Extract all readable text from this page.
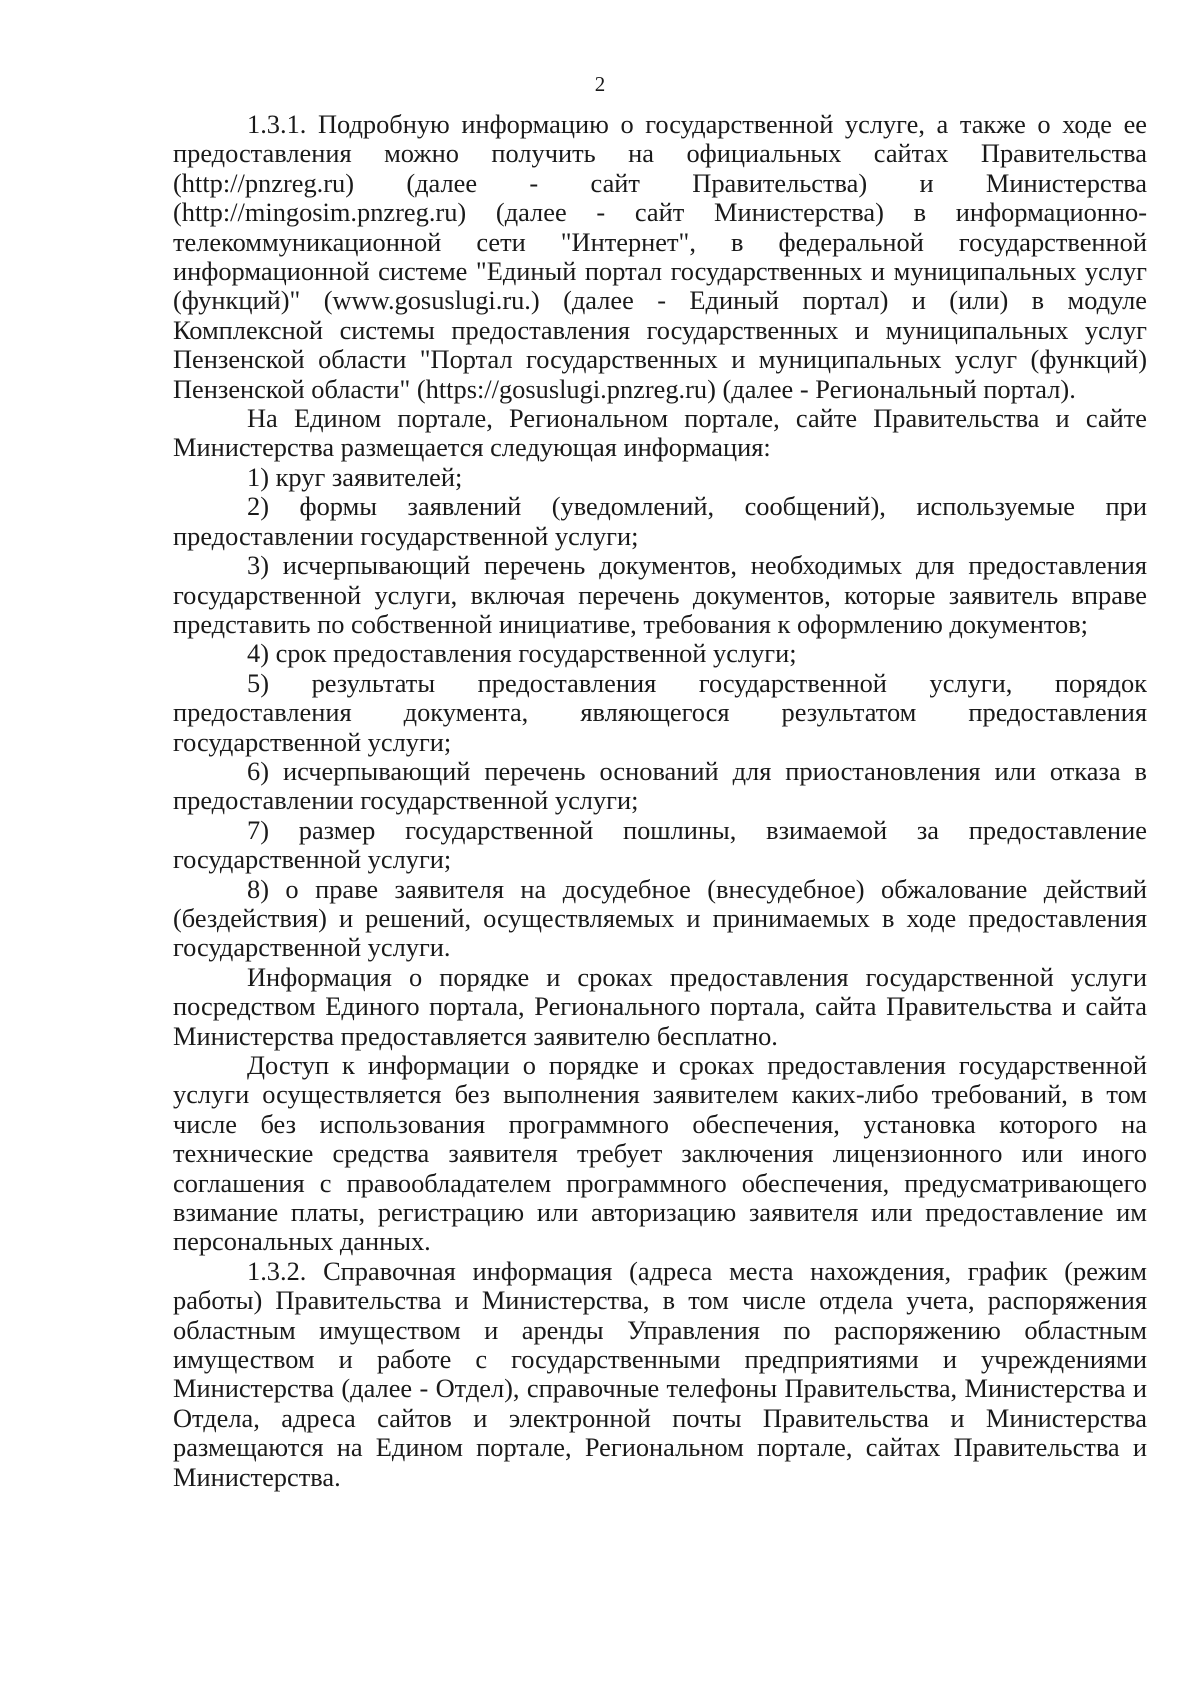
2

1.3.1. Подробную информацию о государственной услуге, а также о ходе ее предоставления можно получить на официальных сайтах Правительства (http://pnzreg.ru) (далее - сайт Правительства) и Министерства (http://mingosim.pnzreg.ru) (далее - сайт Министерства) в информационно-телекоммуникационной сети "Интернет", в федеральной государственной информационной системе "Единый портал государственных и муниципальных услуг (функций)" (www.gosuslugi.ru.) (далее - Единый портал) и (или) в модуле Комплексной системы предоставления государственных и муниципальных услуг Пензенской области "Портал государственных и муниципальных услуг (функций) Пензенской области" (https://gosuslugi.pnzreg.ru) (далее - Региональный портал).

На Едином портале, Региональном портале, сайте Правительства и сайте Министерства размещается следующая информация:

1) круг заявителей;

2) формы заявлений (уведомлений, сообщений), используемые при предоставлении государственной услуги;

3) исчерпывающий перечень документов, необходимых для предоставления государственной услуги, включая перечень документов, которые заявитель вправе представить по собственной инициативе, требования к оформлению документов;

4) срок предоставления государственной услуги;

5) результаты предоставления государственной услуги, порядок предоставления документа, являющегося результатом предоставления государственной услуги;

6) исчерпывающий перечень оснований для приостановления или отказа в предоставлении государственной услуги;

7) размер государственной пошлины, взимаемой за предоставление государственной услуги;

8) о праве заявителя на досудебное (внесудебное) обжалование действий (бездействия) и решений, осуществляемых и принимаемых в ходе предоставления государственной услуги.

Информация о порядке и сроках предоставления государственной услуги посредством Единого портала, Регионального портала, сайта Правительства и сайта Министерства предоставляется заявителю бесплатно.

Доступ к информации о порядке и сроках предоставления государственной услуги осуществляется без выполнения заявителем каких-либо требований, в том числе без использования программного обеспечения, установка которого на технические средства заявителя требует заключения лицензионного или иного соглашения с правообладателем программного обеспечения, предусматривающего взимание платы, регистрацию или авторизацию заявителя или предоставление им персональных данных.

1.3.2. Справочная информация (адреса места нахождения, график (режим работы) Правительства и Министерства, в том числе отдела учета, распоряжения областным имуществом и аренды Управления по распоряжению областным имуществом и работе с государственными предприятиями и учреждениями Министерства (далее - Отдел), справочные телефоны Правительства, Министерства и Отдела, адреса сайтов и электронной почты Правительства и Министерства размещаются на Едином портале, Региональном портале, сайтах Правительства и Министерства.
